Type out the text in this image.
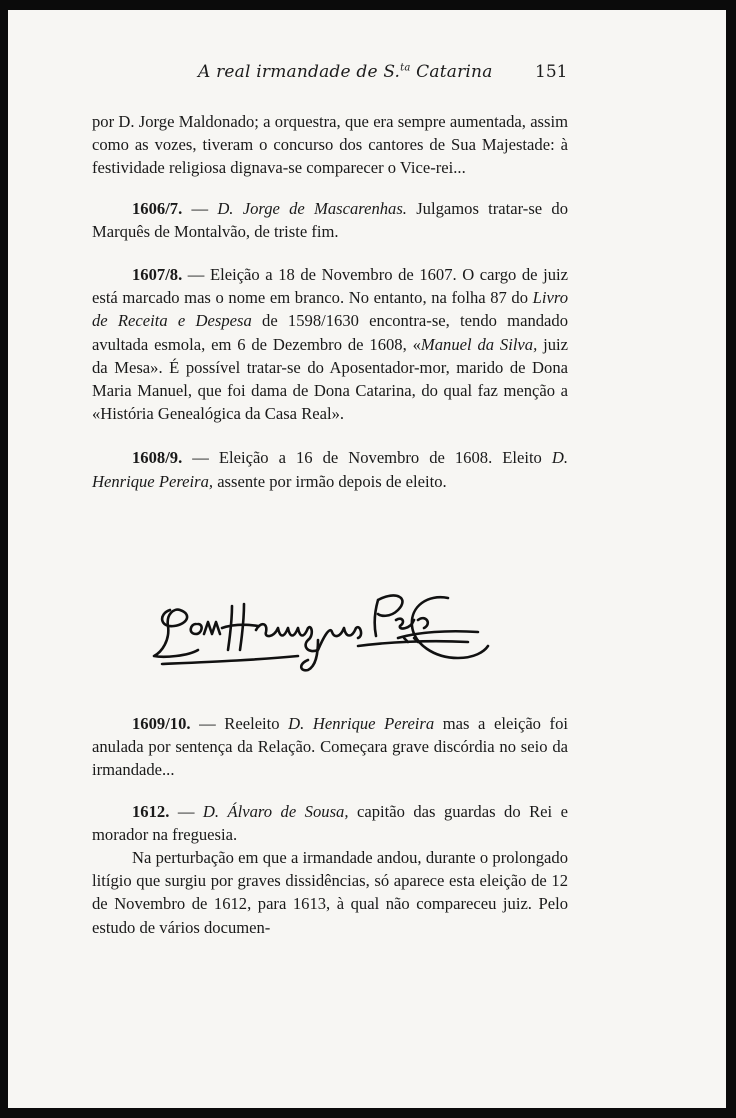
A real irmandade de S.$^{ta}$ Catarina 151

por D. Jorge Maldonado; a orquestra, que era sempre aumentada, assim como as vozes, tiveram o concurso dos cantores de Sua Majestade: à festividade religiosa dignava-se comparecer o Vice-rei...

1606/7. — D. Jorge de Mascarenhas. Julgamos tratar-se do Marquês de Montalvão, de triste fim.

1607/8. — Eleição a 18 de Novembro de 1607. O cargo de juiz está marcado mas o nome em branco. No entanto, na folha 87 do Livro de Receita e Despesa de 1598/1630 encontra-se, tendo mandado avultada esmola, em 6 de Dezembro de 1608, «Manuel da Silva, juiz da Mesa». É possível tratar-se do Aposentador-mor, marido de Dona Maria Manuel, que foi dama de Dona Catarina, do qual faz menção a «História Genealógica da Casa Real».

1608/9. — Eleição a 16 de Novembro de 1608. Eleito D. Henrique Pereira, assente por irmão depois de eleito.

1609/10. — Reeleito D. Henrique Pereira mas a eleição foi anulada por sentença da Relação. Começara grave discórdia no seio da irmandade...

1612. — D. Álvaro de Sousa, capitão das guardas do Rei e morador na freguesia.

Na perturbação em que a irmandade andou, durante o prolongado litígio que surgiu por graves dissidências, só aparece esta eleição de 12 de Novembro de 1612, para 1613, à qual não compareceu juiz. Pelo estudo de vários documen-
